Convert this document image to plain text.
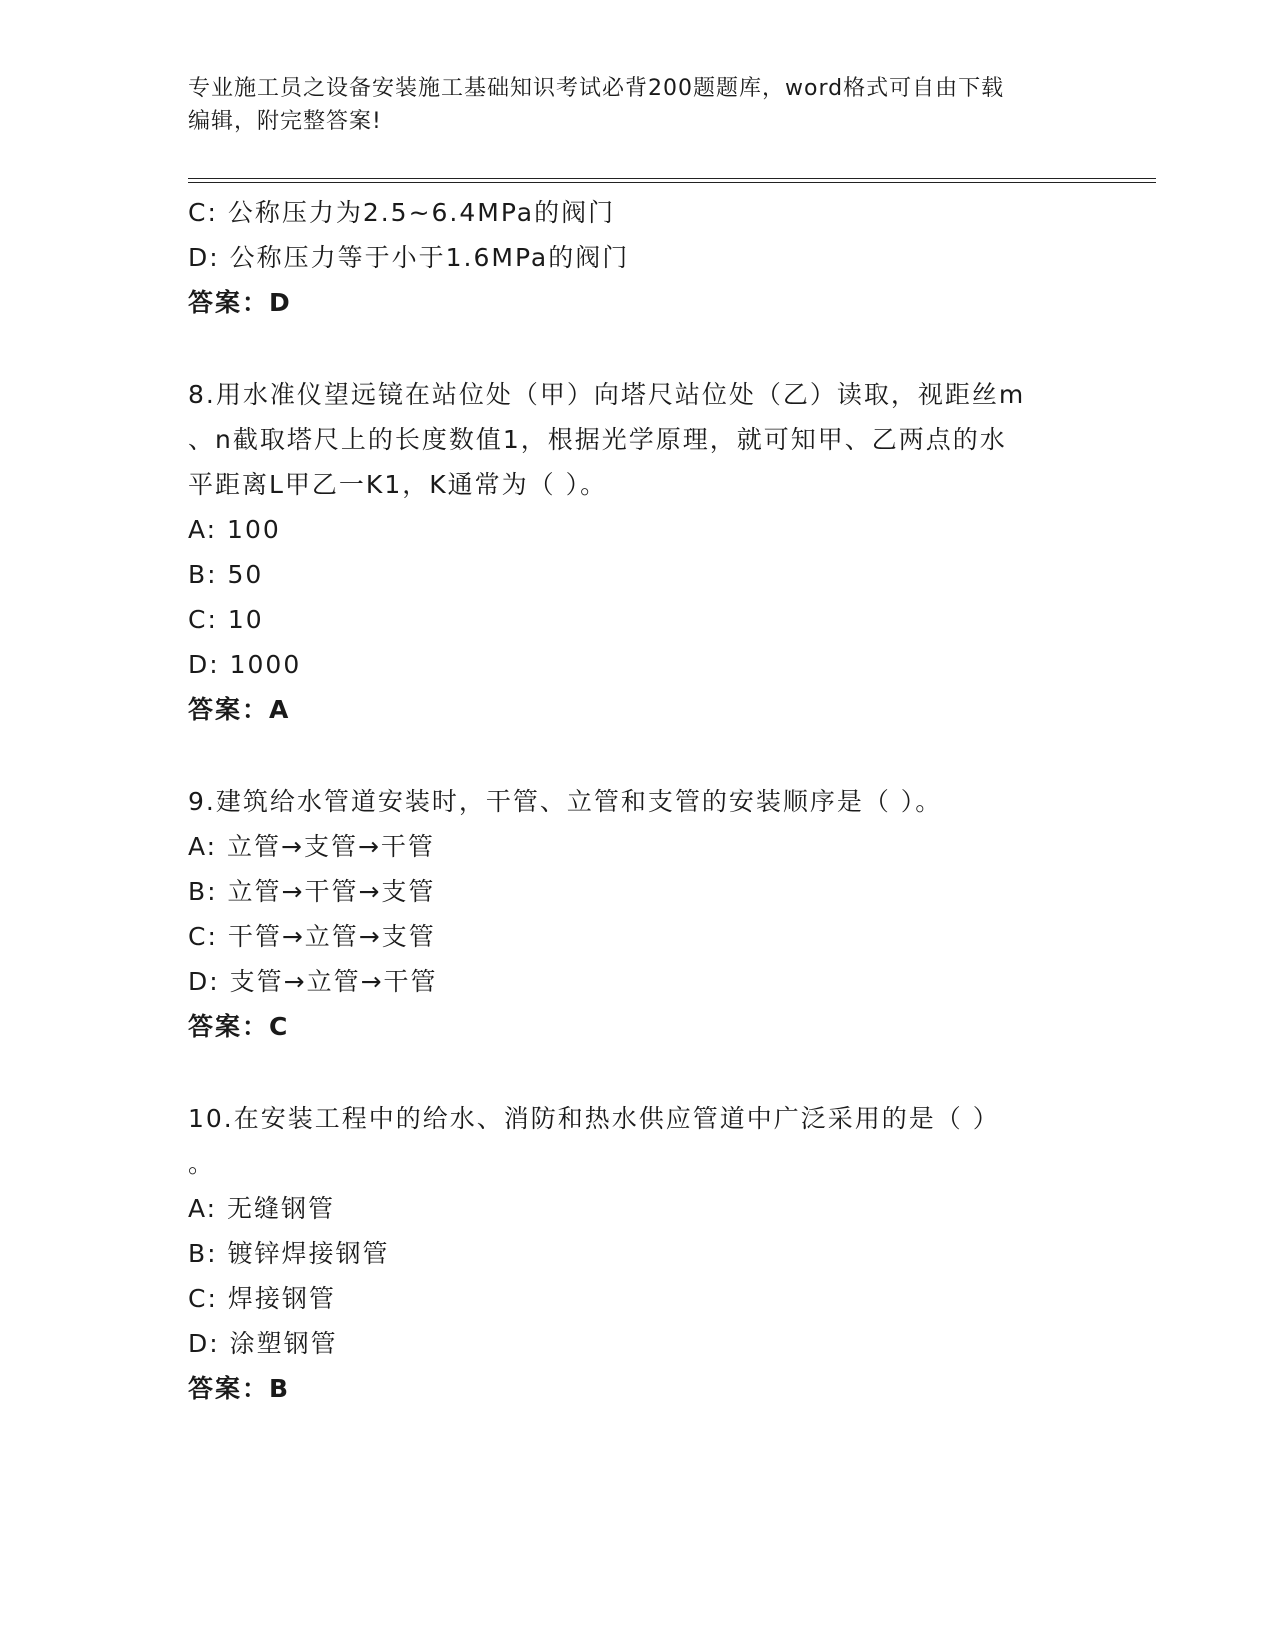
专业施工员之设备安装施工基础知识考试必背200题题库，word格式可自由下载
编辑，附完整答案!
C: 公称压力为2.5~6.4MPa的阀门
D: 公称压力等于小于1.6MPa的阀门
答案：D
8.用水准仪望远镜在站位处（甲）向塔尺站位处（乙）读取，视距丝m
、n截取塔尺上的长度数值1，根据光学原理，就可知甲、乙两点的水
平距离L甲乙一K1，K通常为（ ）。
A: 100
B: 50
C: 10
D: 1000
答案：A
9.建筑给水管道安装时，干管、立管和支管的安装顺序是（ ）。
A: 立管→支管→干管
B: 立管→干管→支管
C: 干管→立管→支管
D: 支管→立管→干管
答案：C
10.在安装工程中的给水、消防和热水供应管道中广泛采用的是（ ）
。
A: 无缝钢管
B: 镀锌焊接钢管
C: 焊接钢管
D: 涂塑钢管
答案：B
